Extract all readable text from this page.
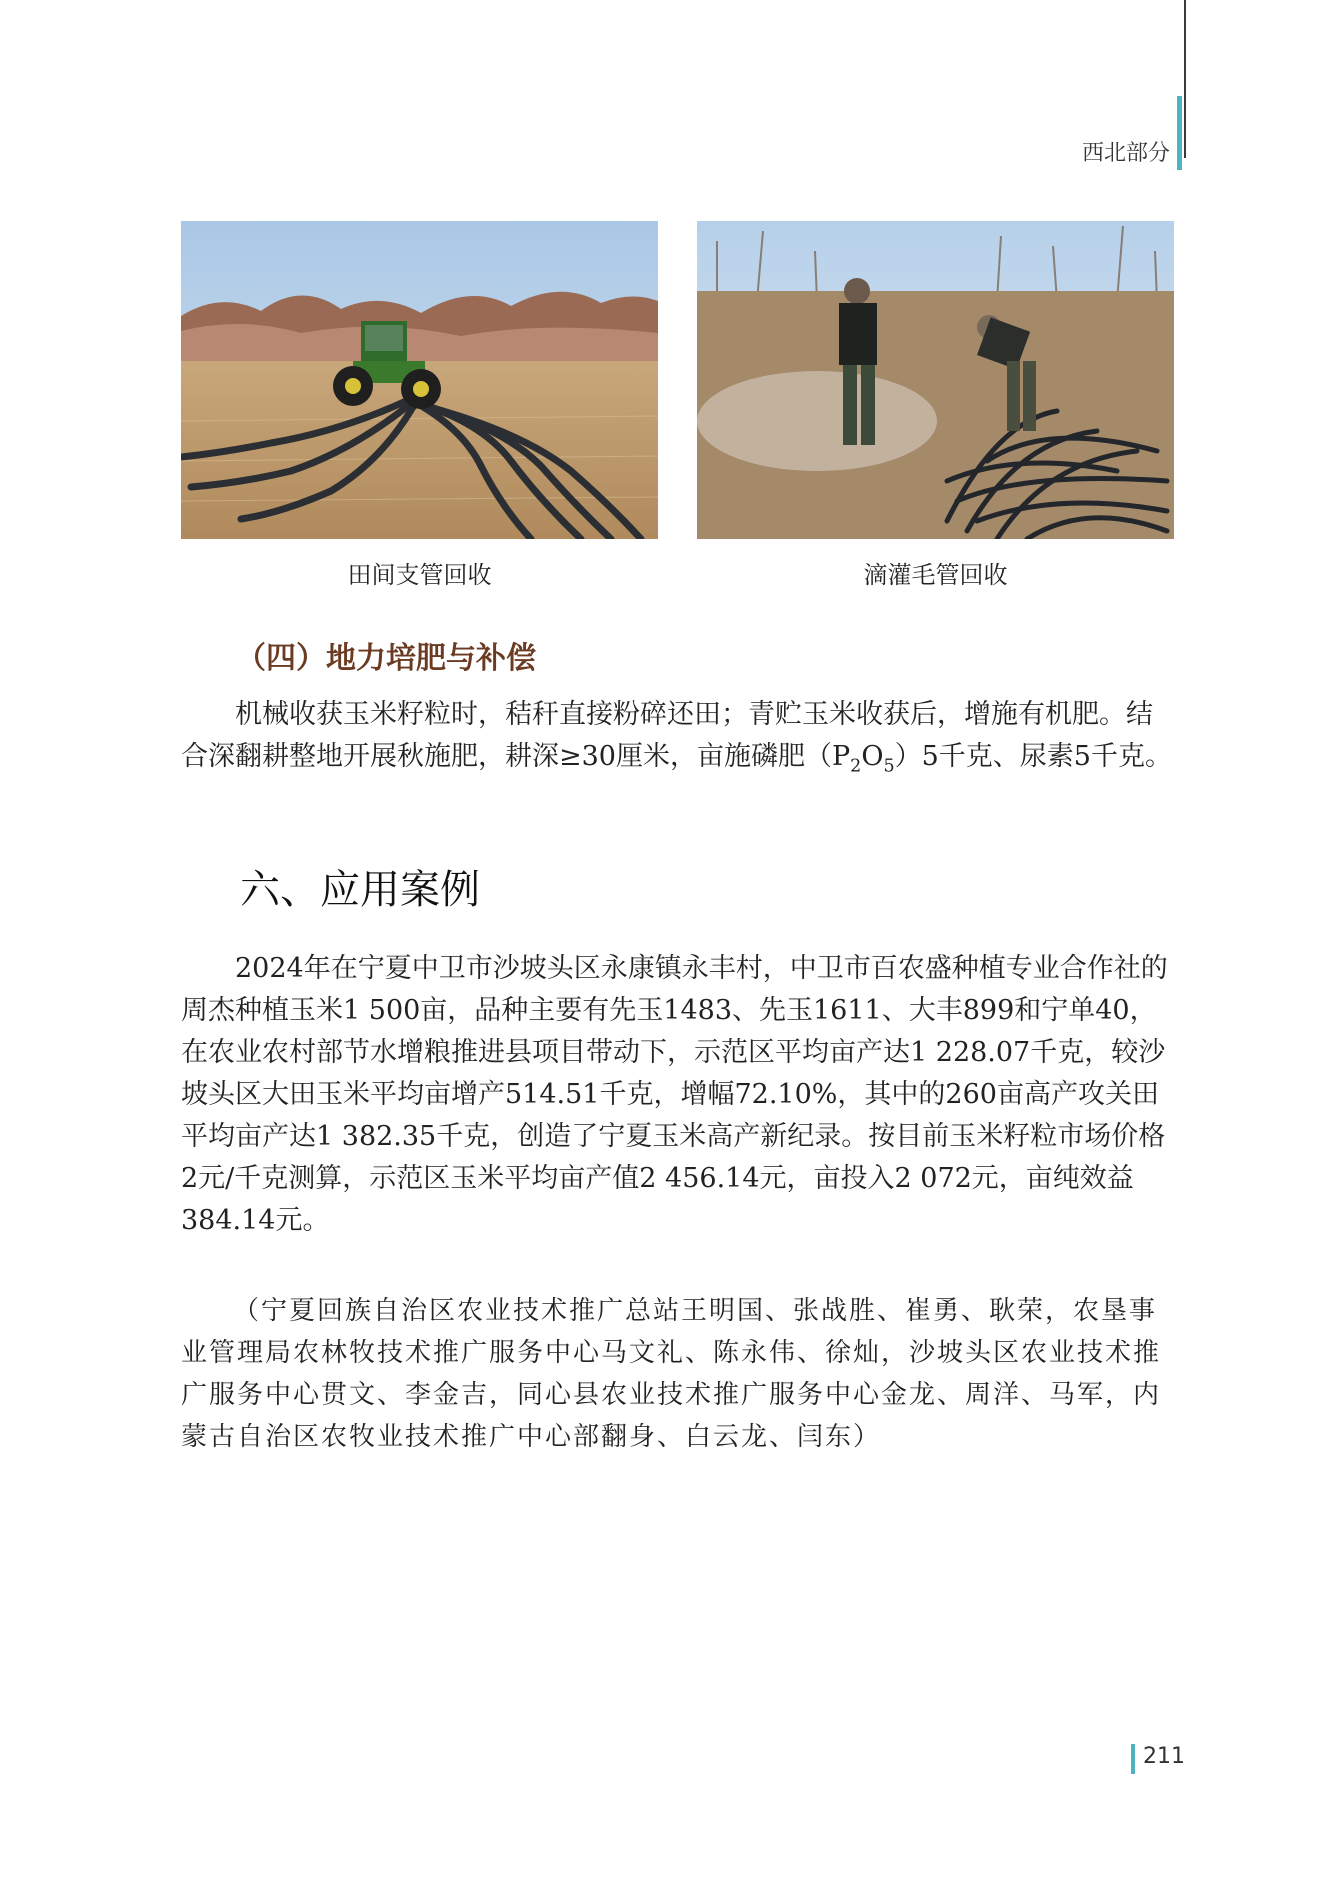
西北部分
田间支管回收	滴灌毛管回收
（四）地力培肥与补偿

机械收获玉米籽粒时，秸秆直接粉碎还田；青贮玉米收获后，增施有机肥。结合深翻耕整地开展秋施肥，耕深≥30厘米，亩施磷肥$(P_2O_5)5$千克、尿素5千克。

六、应用案例

2024年在宁夏中卫市沙坡头区永康镇永丰村，中卫市百农盛种植专业合作社的周杰种植玉米1 500亩，品种主要有先玉1483、先玉1611、大丰899和宁单40，在农业农村部节水增粮推进县项目带动下，示范区平均亩产达1 228.07千克，较沙坡头区大田玉米平均亩增产514.51千克，增幅72.10%，其中的260亩高产攻关田平均亩产达1 382.35千克，创造了宁夏玉米高产新纪录。按目前玉米籽粒市场价格2元/千克测算，示范区玉米平均亩产值2 456.14元，亩投入2 072元，亩纯效益384.14元。

（宁夏回族自治区农业技术推广总站王明国、张战胜、崔勇、耿荣，农垦事业管理局农林牧技术推广服务中心马文礼、陈永伟、徐灿，沙坡头区农业技术推广服务中心贯文、李金吉，同心县农业技术推广服务中心金龙、周洋、马军，内蒙古自治区农牧业技术推广中心部翻身、白云龙、闫东）

211
